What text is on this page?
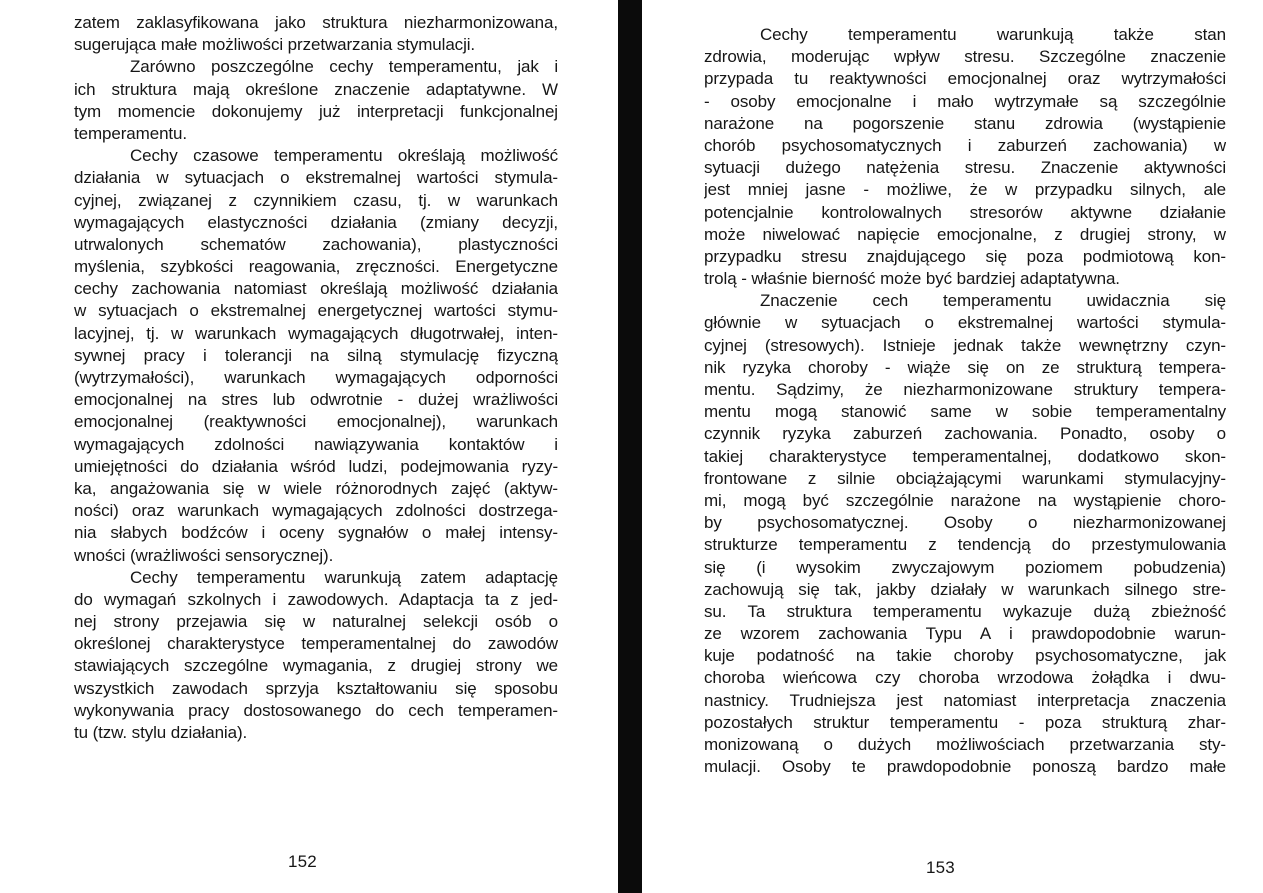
zatem zaklasyfikowana jako struktura niezharmonizowana,
sugerująca małe możliwości przetwarzania stymulacji.
Zarówno poszczególne cechy temperamentu, jak i
ich struktura mają określone znaczenie adaptatywne. W
tym momencie dokonujemy już interpretacji funkcjonalnej
temperamentu.
Cechy czasowe temperamentu określają możliwość
działania w sytuacjach o ekstremalnej wartości stymula-
cyjnej, związanej z czynnikiem czasu, tj. w warunkach
wymagających elastyczności działania (zmiany decyzji,
utrwalonych schematów zachowania), plastyczności
myślenia, szybkości reagowania, zręczności. Energetyczne
cechy zachowania natomiast określają możliwość działania
w sytuacjach o ekstremalnej energetycznej wartości stymu-
lacyjnej, tj. w warunkach wymagających długotrwałej, inten-
sywnej pracy i tolerancji na silną stymulację fizyczną
(wytrzymałości), warunkach wymagających odporności
emocjonalnej na stres lub odwrotnie - dużej wrażliwości
emocjonalnej (reaktywności emocjonalnej), warunkach
wymagających zdolności nawiązywania kontaktów i
umiejętności do działania wśród ludzi, podejmowania ryzy-
ka, angażowania się w wiele różnorodnych zajęć (aktyw-
ności) oraz warunkach wymagających zdolności dostrzega-
nia słabych bodźców i oceny sygnałów o małej intensy-
wności (wrażliwości sensorycznej).
Cechy temperamentu warunkują zatem adaptację
do wymagań szkolnych i zawodowych. Adaptacja ta z jed-
nej strony przejawia się w naturalnej selekcji osób o
określonej charakterystyce temperamentalnej do zawodów
stawiających szczególne wymagania, z drugiej strony we
wszystkich zawodach sprzyja kształtowaniu się sposobu
wykonywania pracy dostosowanego do cech temperamen-
tu (tzw. stylu działania).
152
Cechy temperamentu warunkują także stan
zdrowia, moderując wpływ stresu. Szczególne znaczenie
przypada tu reaktywności emocjonalnej oraz wytrzymałości
- osoby emocjonalne i mało wytrzymałe są szczególnie
narażone na pogorszenie stanu zdrowia (wystąpienie
chorób psychosomatycznych i zaburzeń zachowania) w
sytuacji dużego natężenia stresu. Znaczenie aktywności
jest mniej jasne - możliwe, że w przypadku silnych, ale
potencjalnie kontrolowalnych stresorów aktywne działanie
może niwelować napięcie emocjonalne, z drugiej strony, w
przypadku stresu znajdującego się poza podmiotową kon-
trolą - właśnie bierność może być bardziej adaptatywna.
Znaczenie cech temperamentu uwidacznia się
głównie w sytuacjach o ekstremalnej wartości stymula-
cyjnej (stresowych). Istnieje jednak także wewnętrzny czyn-
nik ryzyka choroby - wiąże się on ze strukturą tempera-
mentu. Sądzimy, że niezharmonizowane struktury tempera-
mentu mogą stanowić same w sobie temperamentalny
czynnik ryzyka zaburzeń zachowania. Ponadto, osoby o
takiej charakterystyce temperamentalnej, dodatkowo skon-
frontowane z silnie obciążającymi warunkami stymulacyjny-
mi, mogą być szczególnie narażone na wystąpienie choro-
by psychosomatycznej. Osoby o niezharmonizowanej
strukturze temperamentu z tendencją do przestymulowania
się (i wysokim zwyczajowym poziomem pobudzenia)
zachowują się tak, jakby działały w warunkach silnego stre-
su. Ta struktura temperamentu wykazuje dużą zbieżność
ze wzorem zachowania Typu A i prawdopodobnie warun-
kuje podatność na takie choroby psychosomatyczne, jak
choroba wieńcowa czy choroba wrzodowa żołądka i dwu-
nastnicy. Trudniejsza jest natomiast interpretacja znaczenia
pozostałych struktur temperamentu - poza strukturą zhar-
monizowaną o dużych możliwościach przetwarzania sty-
mulacji. Osoby te prawdopodobnie ponoszą bardzo małe
153
